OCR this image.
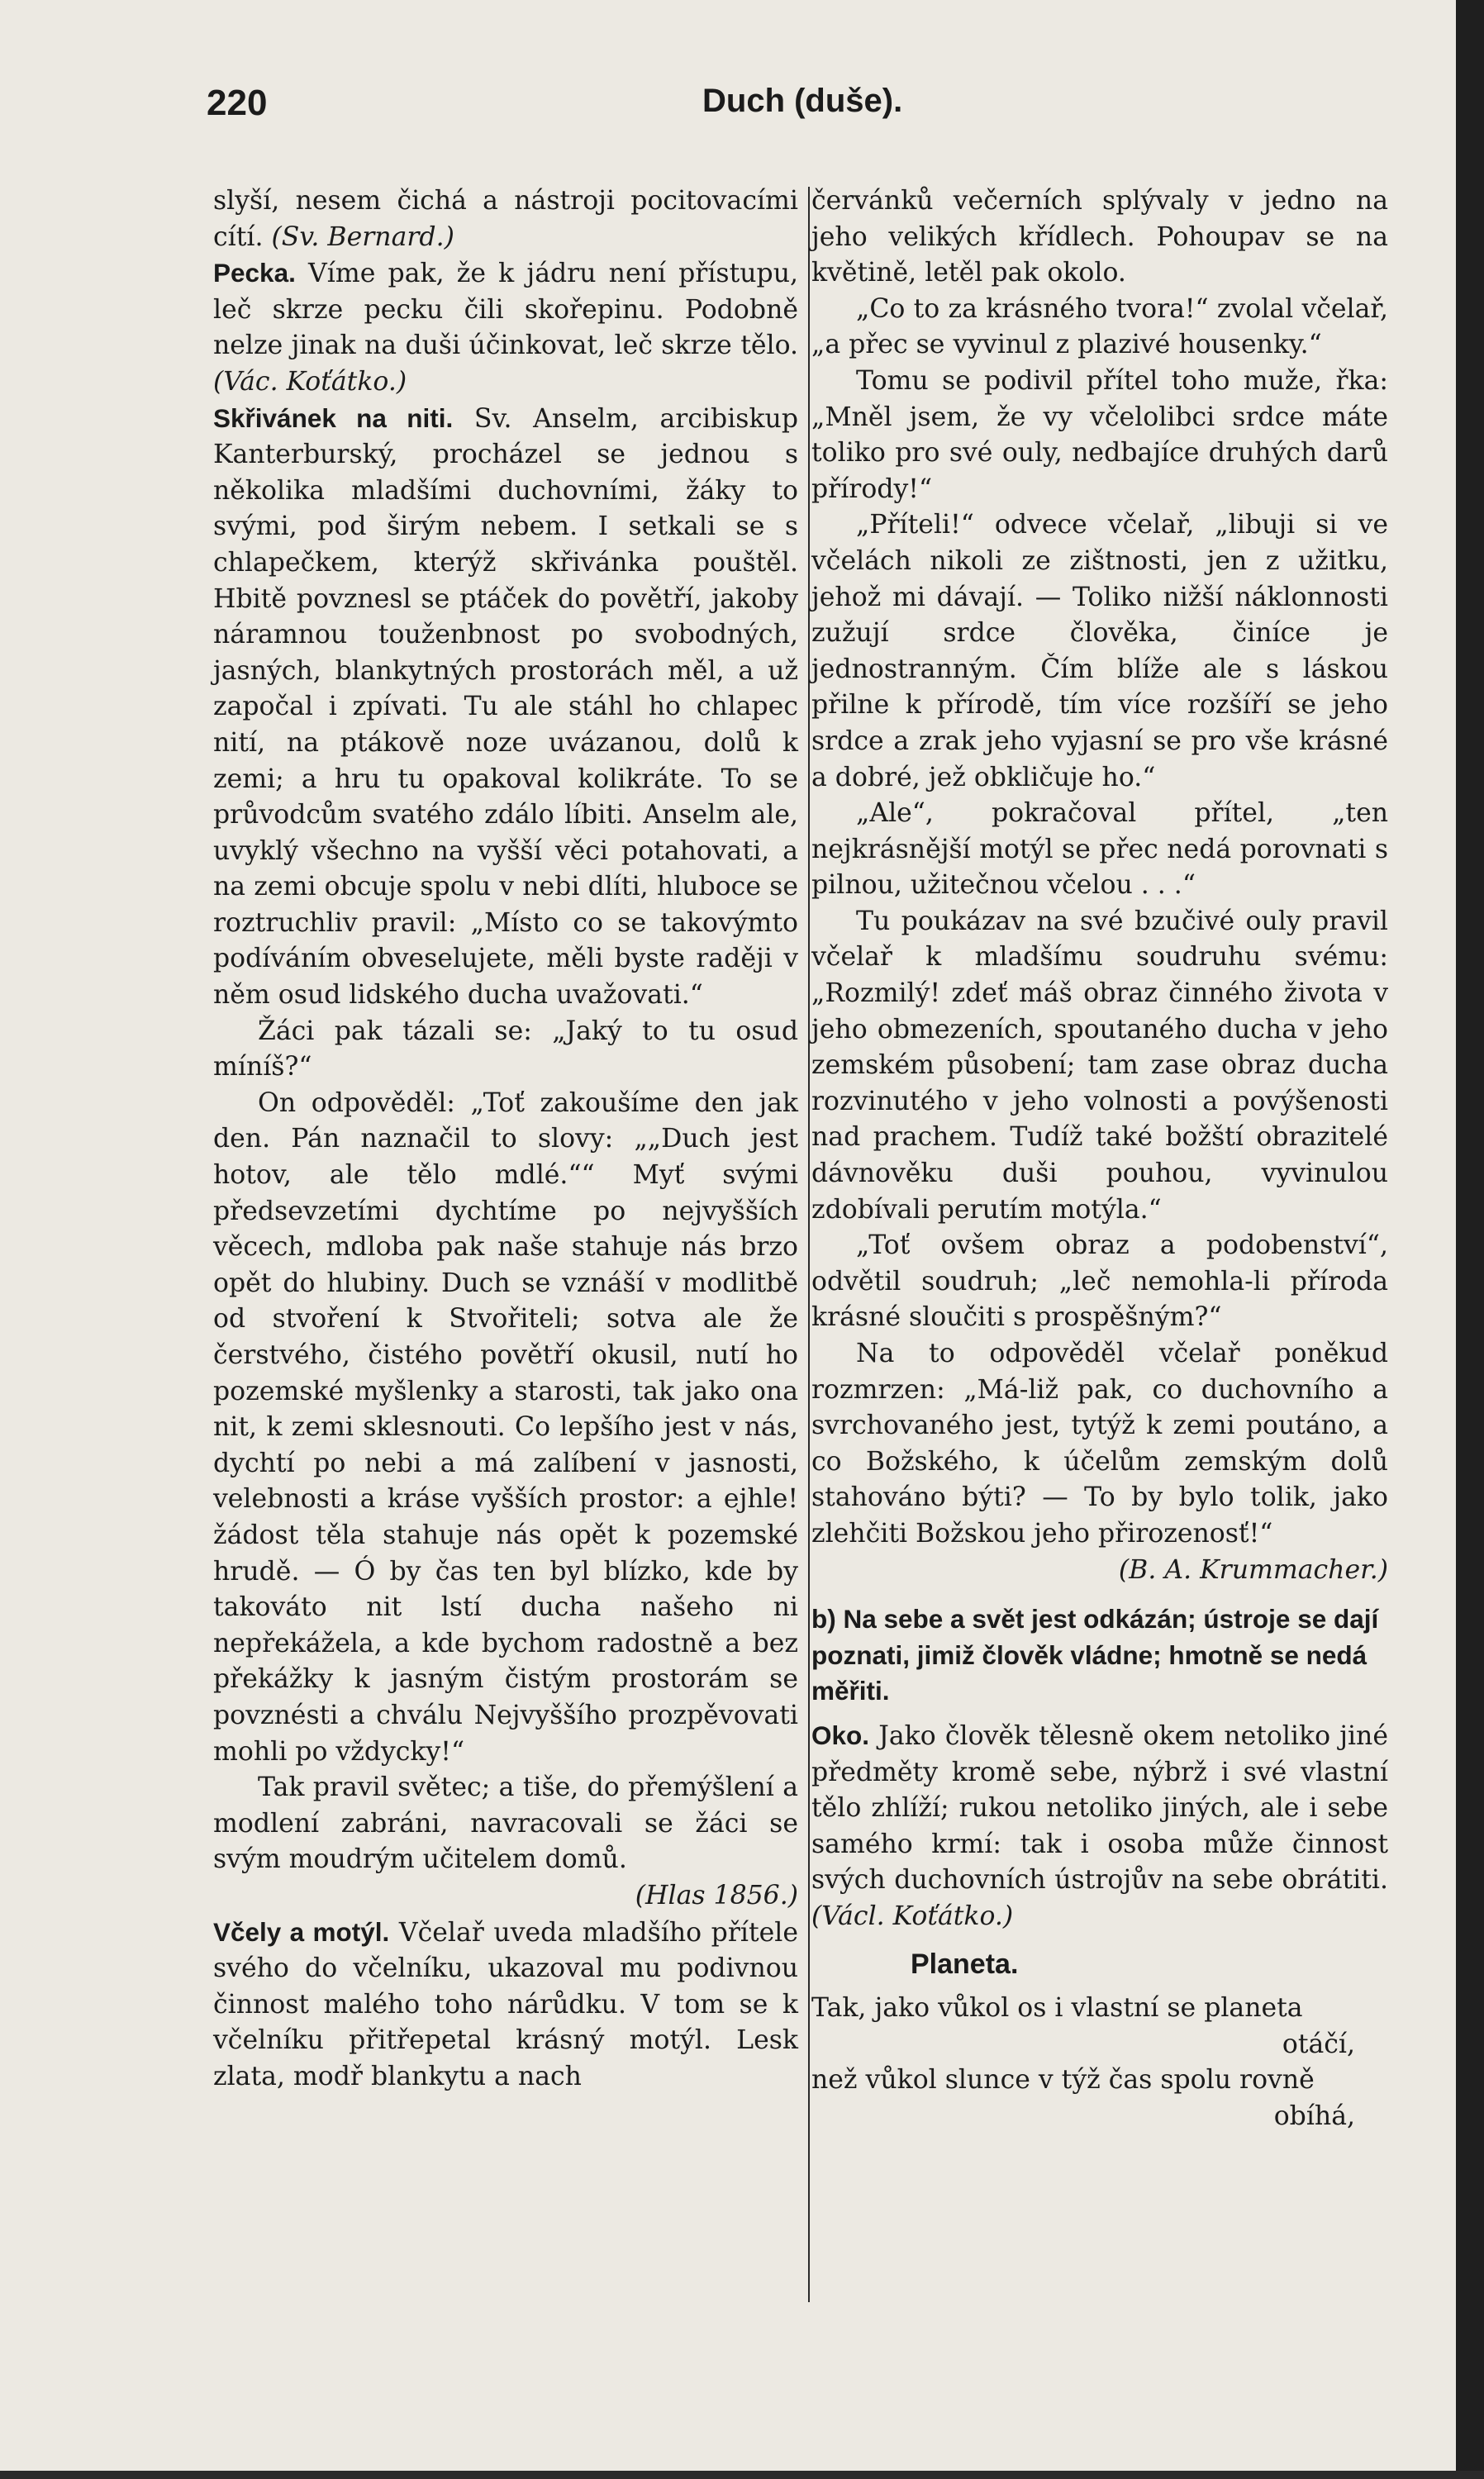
220	Duch (duše).

slyší, nesem čichá a nástroji pocitovacími cítí. (Sv. Bernard.)

Pecka. Víme pak, že k jádru není přístupu, leč skrze pecku čili skořepinu. Podobně nelze jinak na duši účinkovat, leč skrze tělo. (Vác. Koťátko.)

Skřivánek na niti. Sv. Anselm, arcibiskup Kanterburský, procházel se jednou s několika mladšími duchovními, žáky to svými, pod širým nebem. I setkali se s chlapečkem, kterýž skřivánka pouštěl. Hbitě povznesl se ptáček do povětří, jakoby náramnou touženbnost po svobodných, jasných, blankytných prostorách měl, a už započal i zpívati. Tu ale stáhl ho chlapec nití, na ptákově noze uvázanou, dolů k zemi; a hru tu opakoval kolikráte. To se průvodcům svatého zdálo líbiti. Anselm ale, uvyklý všechno na vyšší věci potahovati, a na zemi obcuje spolu v nebi dlíti, hluboce se roztruchliv pravil: „Místo co se takovýmto podíváním obveselujete, měli byste raději v něm osud lidského ducha uvažovati.“

Žáci pak tázali se: „Jaký to tu osud míníš?“

On odpověděl: „Toť zakoušíme den jak den. Pán naznačil to slovy: „„Duch jest hotov, ale tělo mdlé.““ Myť svými předsevzetími dychtíme po nejvyšších věcech, mdloba pak naše stahuje nás brzo opět do hlubiny. Duch se vznáší v modlitbě od stvoření k Stvořiteli; sotva ale že čerstvého, čistého povětří okusil, nutí ho pozemské myšlenky a starosti, tak jako ona nit, k zemi sklesnouti. Co lepšího jest v nás, dychtí po nebi a má zalíbení v jasnosti, velebnosti a kráse vyšších prostor: a ejhle! žádost těla stahuje nás opět k pozemské hrudě. — Ó by čas ten byl blízko, kde by takováto nit lstí ducha našeho ni nepřekážela, a kde bychom radostně a bez překážky k jasným čistým prostorám se povznésti a chválu Nejvyššího prozpěvovati mohli po vždycky!“

Tak pravil světec; a tiše, do přemýšlení a modlení zabráni, navracovali se žáci se svým moudrým učitelem domů.

(Hlas 1856.)

Včely a motýl. Včelař uveda mladšího přítele svého do včelníku, ukazoval mu podivnou činnost malého toho nárůdku. V tom se k včelníku přitřepetal krásný motýl. Lesk zlata, modř blankytu a nach

červánků večerních splývaly v jedno na jeho velikých křídlech. Pohoupav se na květině, letěl pak okolo.

„Co to za krásného tvora!“ zvolal včelař, „a přec se vyvinul z plazivé housenky.“

Tomu se podivil přítel toho muže, řka: „Mněl jsem, že vy včelolibci srdce máte toliko pro své ouly, nedbajíce druhých darů přírody!“

„Příteli!“ odvece včelař, „libuji si ve včelách nikoli ze zištnosti, jen z užitku, jehož mi dávají. — Toliko nižší náklonnosti zužují srdce člověka, činíce je jednostranným. Čím blíže ale s láskou přilne k přírodě, tím více rozšíří se jeho srdce a zrak jeho vyjasní se pro vše krásné a dobré, jež obkličuje ho.“

„Ale“, pokračoval přítel, „ten nejkrásnější motýl se přec nedá porovnati s pilnou, užitečnou včelou . . .“

Tu poukázav na své bzučivé ouly pravil včelař k mladšímu soudruhu svému: „Rozmilý! zdeť máš obraz činného života v jeho obmezeních, spoutaného ducha v jeho zemském působení; tam zase obraz ducha rozvinutého v jeho volnosti a povýšenosti nad prachem. Tudíž také božští obrazitelé dávnověku duši pouhou, vyvinulou zdobívali perutím motýla.“

„Toť ovšem obraz a podobenství“, odvětil soudruh; „leč nemohla-li příroda krásné sloučiti s prospěšným?“

Na to odpověděl včelař poněkud rozmrzen: „Má-liž pak, co duchovního a svrchovaného jest, tytýž k zemi poutáno, a co Božského, k účelům zemským dolů stahováno býti? — To by bylo tolik, jako zlehčiti Božskou jeho přirozenosť!“

(B. A. Krummacher.)

b) Na sebe a svět jest odkázán; ústroje se dají poznati, jimiž člověk vládne; hmotně se nedá měřiti.

Oko. Jako člověk tělesně okem netoliko jiné předměty kromě sebe, nýbrž i své vlastní tělo zhlíží; rukou netoliko jiných, ale i sebe samého krmí: tak i osoba může činnost svých duchovních ústrojův na sebe obrátiti. (Václ. Koťátko.)

Planeta.

Tak, jako vůkol os i vlastní se planeta

otáčí,

než vůkol slunce v týž čas spolu rovně

obíhá,
